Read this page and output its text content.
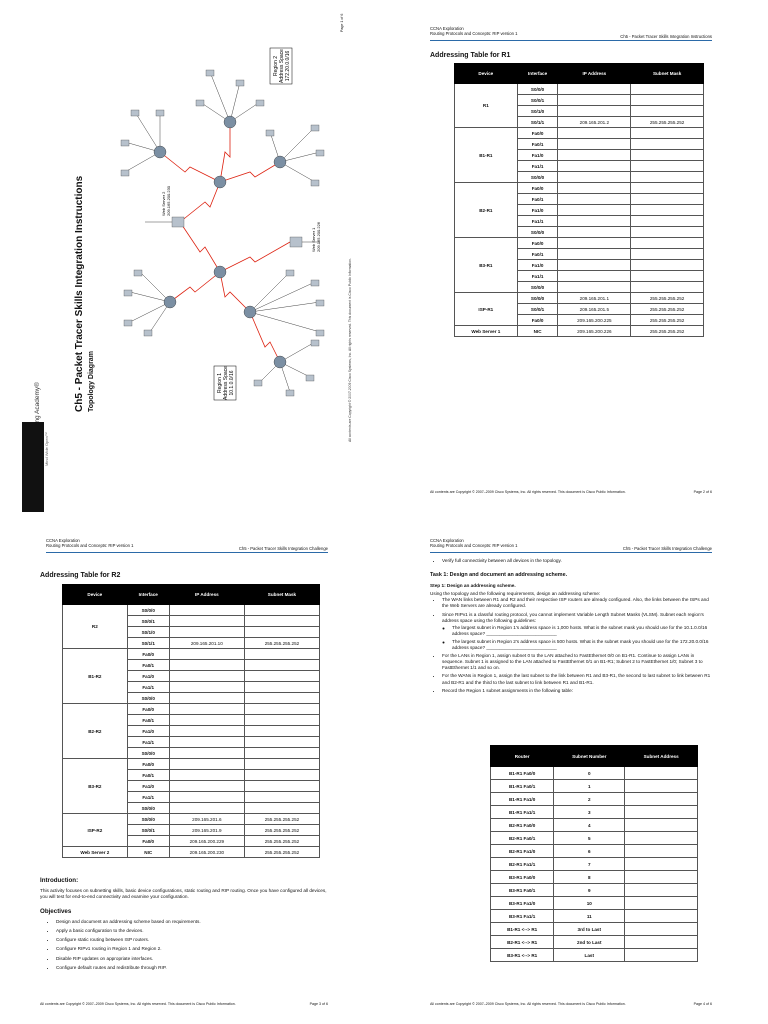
Mind Wide Open™
Ch5 - Packet Tracer Skills Integration Instructions Topology Diagram
Page 1 of 6
All contents are Copyright © 2007-2009 Cisco Systems, Inc. All rights reserved. This document is Cisco Public Information.
Region 1 Address Space 10.1.0.0/16
Region 2 Address Space 172.20.0.0/16
Web Server 1 209.165.200.226
Web Server 2 209.165.200.230
|‖|‖| cisco
CCNA Exploration
Routing Protocols and Concepts: RIP version 1
Ch5 - Packet Tracer Skills Integration Instructions
Addressing Table for R1
Device	Interface	IP Address	Subnet Mask
R1	S0/0/0		
	S0/0/1		
	S0/1/0		
	S0/1/1	209.165.201.2	255.255.255.252
B1-R1	Fa0/0		
	Fa0/1		
	Fa1/0		
	Fa1/1		
	S0/0/0		
B2-R1	Fa0/0		
	Fa0/1		
	Fa1/0		
	Fa1/1		
	S0/0/0		
B3-R1	Fa0/0		
	Fa0/1		
	Fa1/0		
	Fa1/1		
	S0/0/0		
ISP-R1	S0/0/0	209.165.201.1	255.255.255.252
	S0/0/1	209.165.201.5	255.255.255.252
	Fa0/0	209.165.200.225	255.255.255.252
Web Server 1	NIC	209.165.200.226	255.255.255.252
All contents are Copyright © 2007–2009 Cisco Systems, Inc. All rights reserved. This document is Cisco Public Information.	Page 2 of 6
CCNA Exploration
Routing Protocols and Concepts: RIP version 1
Ch5 - Packet Tracer Skills Integration Challenge
Addressing Table for R2
Device	Interface	IP Address	Subnet Mask
R2	S0/0/0		
	S0/0/1		
	S0/1/0		
	S0/1/1	209.165.201.10	255.255.255.252
B1-R2	Fa0/0		
	Fa0/1		
	Fa1/0		
	Fa1/1		
	S0/0/0		
B2-R2	Fa0/0		
	Fa0/1		
	Fa1/0		
	Fa1/1		
	S0/0/0		
B3-R2	Fa0/0		
	Fa0/1		
	Fa1/0		
	Fa1/1		
	S0/0/0		
ISP-R2	S0/0/0	209.165.201.6	255.255.255.252
	S0/0/1	209.165.201.9	255.255.255.252
	Fa0/0	209.165.200.229	255.255.255.252
Web Server 2	NIC	209.165.200.230	255.255.255.252
Introduction:
This activity focuses on subnetting skills, basic device configurations, static routing and RIP routing. Once you have configured all devices, you will test for end-to-end connectivity and examine your configuration.
Objectives
• Design and document an addressing scheme based on requirements.
• Apply a basic configuration to the devices.
• Configure static routing between ISP routers.
• Configure RIPv1 routing in Region 1 and Region 2.
• Disable RIP updates on appropriate interfaces.
• Configure default routes and redistribute through RIP.
All contents are Copyright © 2007–2009 Cisco Systems, Inc. All rights reserved. This document is Cisco Public Information.	Page 3 of 6
CCNA Exploration
Routing Protocols and Concepts: RIP version 1
Ch5 - Packet Tracer Skills Integration Challenge
• Verify full connectivity between all devices in the topology.
Task 1: Design and document an addressing scheme.
Step 1: Design an addressing scheme.
Using the topology and the following requirements, design an addressing scheme:
• The WAN links between R1 and R2 and their respective ISP routers are already configured. Also, the links between the ISPs and the Web Servers are already configured.
• Since RIPv1 is a classful routing protocol, you cannot implement Variable Length Subnet Masks (VLSM). Subnet each region's address space using the following guidelines:
◦ The largest subnet in Region 1's address space is 1,000 hosts. What is the subnet mask you should use for the 10.1.0.0/16 address space? ___________________________
◦ The largest subnet in Region 2's address space is 500 hosts. What is the subnet mask you should use for the 172.20.0.0/16 address space? ___________________________
• For the LANs in Region 1, assign subnet 0 to the LAN attached to FastEthernet 0/0 on B1-R1. Continue to assign LANs in sequence. Subnet 1 is assigned to the LAN attached to FastEthernet 0/1 on B1-R1; Subnet 2 to FastEthernet 1/0; Subnet 3 to FastEthernet 1/1 and so on.
• For the WANs in Region 1, assign the last subnet to the link between R1 and B3-R1, the second to last subnet to link between R1 and B2-R1 and the third to the last subnet to link between R1 and B1-R1.
• Record the Region 1 subnet assignments in the following table:
Router	Subnet Number	Subnet Address
B1-R1 Fa0/0	0	
B1-R1 Fa0/1	1	
B1-R1 Fa1/0	2	
B1-R1 Fa1/1	3	
B2-R1 Fa0/0	4	
B2-R1 Fa0/1	5	
B2-R1 Fa1/0	6	
B2-R1 Fa1/1	7	
B3-R1 Fa0/0	8	
B3-R1 Fa0/1	9	
B3-R1 Fa1/0	10	
B3-R1 Fa1/1	11	
B1-R1 <--> R1	3rd to Last	
B2-R1 <--> R1	2nd to Last	
B3-R1 <--> R1	Last	
All contents are Copyright © 2007–2009 Cisco Systems, Inc. All rights reserved. This document is Cisco Public Information.	Page 4 of 6
